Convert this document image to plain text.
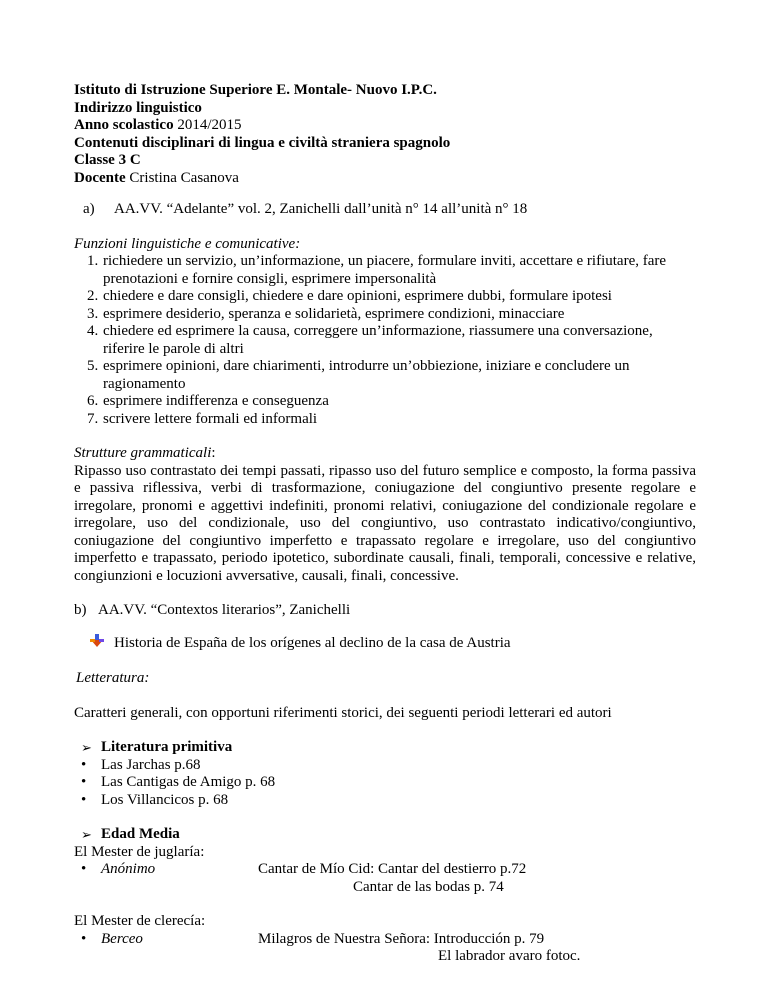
Istituto di Istruzione Superiore E. Montale- Nuovo I.P.C.
Indirizzo linguistico
Anno scolastico 2014/2015
Contenuti disciplinari di lingua e civiltà straniera spagnolo
Classe 3 C
Docente Cristina Casanova
a) AA.VV. “Adelante” vol. 2, Zanichelli dall’unità n° 14 all’unità n° 18
Funzioni linguistiche e comunicative:
1. richiedere un servizio, un’informazione, un piacere, formulare inviti, accettare e rifiutare, fare prenotazioni e fornire consigli, esprimere impersonalità
2. chiedere e dare consigli, chiedere e dare opinioni, esprimere dubbi, formulare ipotesi
3. esprimere desiderio, speranza e solidarietà, esprimere condizioni, minacciare
4. chiedere ed esprimere la causa, correggere un’informazione, riassumere una conversazione, riferire le parole di altri
5. esprimere opinioni, dare chiarimenti, introdurre un’obbiezione, iniziare e concludere un ragionamento
6. esprimere indifferenza e conseguenza
7. scrivere lettere formali ed informali
Strutture grammaticali:
Ripasso uso contrastato dei tempi passati, ripasso uso del futuro semplice e composto, la forma passiva e passiva riflessiva, verbi di trasformazione, coniugazione del congiuntivo presente regolare e irregolare, pronomi e aggettivi indefiniti, pronomi relativi, coniugazione del condizionale regolare e irregolare, uso del condizionale, uso del congiuntivo, uso contrastato indicativo/congiuntivo, coniugazione del congiuntivo imperfetto e trapassato regolare e irregolare, uso del congiuntivo imperfetto e trapassato, periodo ipotetico, subordinate causali, finali, temporali, concessive e relative, congiunzioni e locuzioni avversative, causali, finali, concessive.
b) AA.VV. “Contextos literarios”, Zanichelli
Historia de España de los orígenes al declino de la casa de Austria
Letteratura:
Caratteri generali, con opportuni riferimenti storici, dei seguenti periodi letterari ed autori
➢ Literatura primitiva
• Las Jarchas p.68
• Las Cantigas de Amigo p. 68
• Los Villancicos p. 68
➢ Edad Media
El Mester de juglaría:
• Anónimo	Cantar de Mío Cid: Cantar del destierro p.72
Cantar de las bodas p. 74
El Mester de clerecía:
• Berceo	Milagros de Nuestra Señora: Introducción p. 79
El labrador avaro fotoc.
